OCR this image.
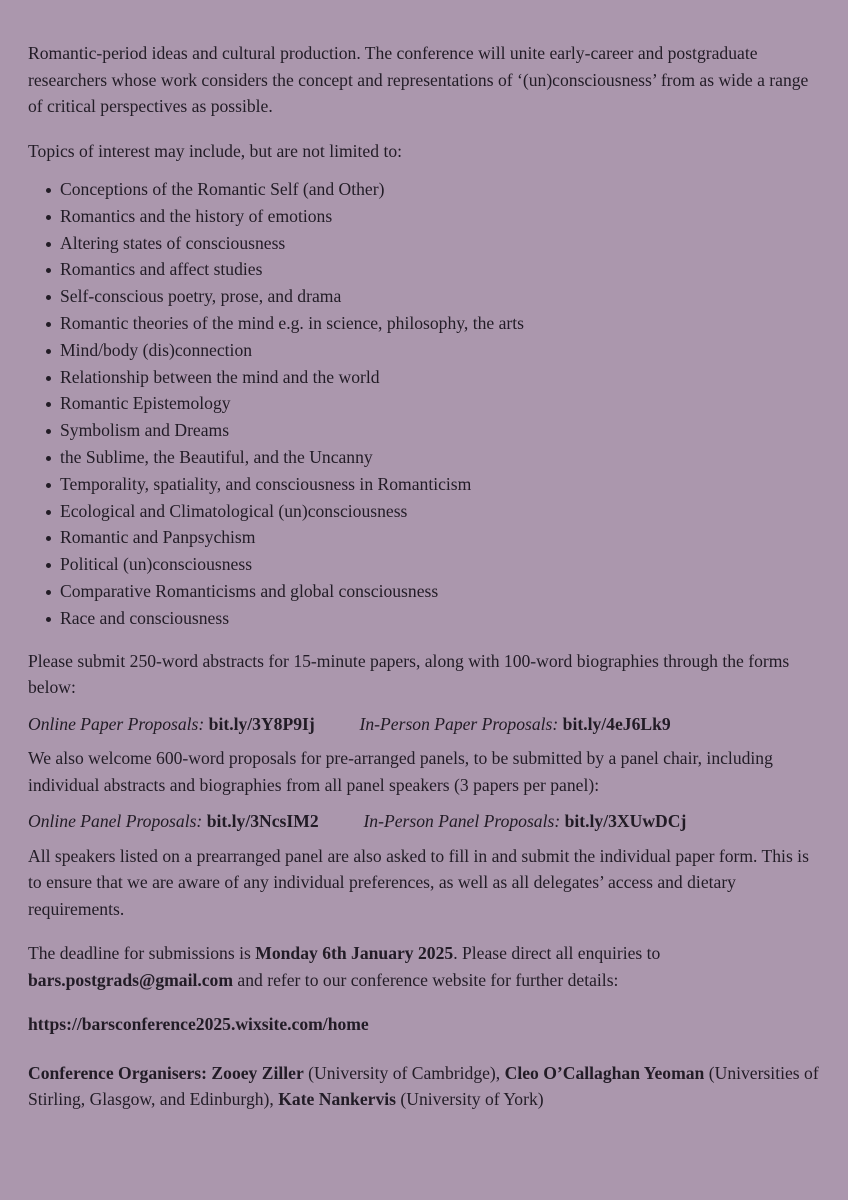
Romantic-period ideas and cultural production. The conference will unite early-career and postgraduate researchers whose work considers the concept and representations of ‘(un)consciousness’ from as wide a range of critical perspectives as possible.

Topics of interest may include, but are not limited to:

Conceptions of the Romantic Self (and Other)
Romantics and the history of emotions
Altering states of consciousness
Romantics and affect studies
Self-conscious poetry, prose, and drama
Romantic theories of the mind e.g. in science, philosophy, the arts
Mind/body (dis)connection
Relationship between the mind and the world
Romantic Epistemology
Symbolism and Dreams
the Sublime, the Beautiful, and the Uncanny
Temporality, spatiality, and consciousness in Romanticism
Ecological and Climatological (un)consciousness
Romantic and Panpsychism
Political (un)consciousness
Comparative Romanticisms and global consciousness
Race and consciousness

Please submit 250-word abstracts for 15-minute papers, along with 100-word biographies through the forms below:

Online Paper Proposals: bit.ly/3Y8P9Ij	In-Person Paper Proposals: bit.ly/4eJ6Lk9

We also welcome 600-word proposals for pre-arranged panels, to be submitted by a panel chair, including individual abstracts and biographies from all panel speakers (3 papers per panel):

Online Panel Proposals: bit.ly/3NcsIM2	In-Person Panel Proposals: bit.ly/3XUwDCj

All speakers listed on a prearranged panel are also asked to fill in and submit the individual paper form. This is to ensure that we are aware of any individual preferences, as well as all delegates’ access and dietary requirements.

The deadline for submissions is Monday 6th January 2025. Please direct all enquiries to bars.postgrads@gmail.com and refer to our conference website for further details:

https://barsconference2025.wixsite.com/home

Conference Organisers: Zooey Ziller (University of Cambridge), Cleo O’Callaghan Yeoman (Universities of Stirling, Glasgow, and Edinburgh), Kate Nankervis (University of York)
